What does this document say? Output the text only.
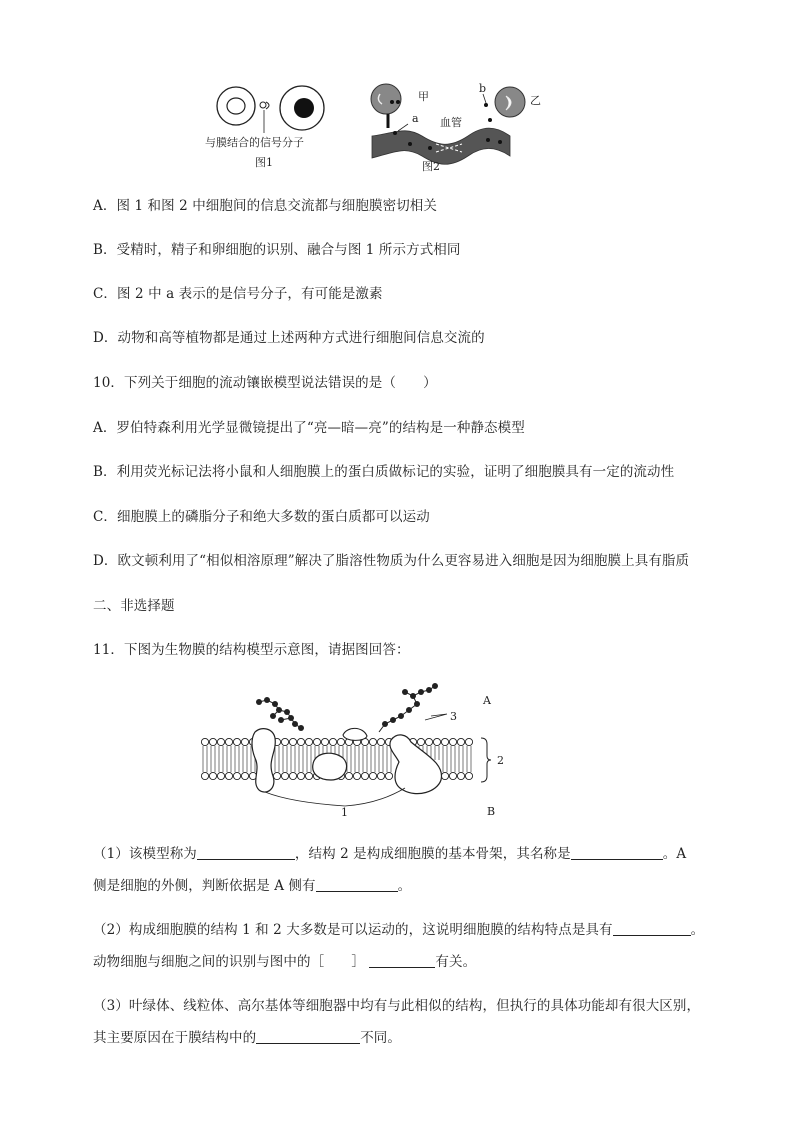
与膜结合的信号分子
图1
甲	乙
血管
a
b
图2
A．图 1 和图 2 中细胞间的信息交流都与细胞膜密切相关
B．受精时，精子和卵细胞的识别、融合与图 1 所示方式相同
C．图 2 中 a 表示的是信号分子，有可能是激素
D．动物和高等植物都是通过上述两种方式进行细胞间信息交流的
10．下列关于细胞的流动镶嵌模型说法错误的是（　　）
A．罗伯特森利用光学显微镜提出了“亮—暗—亮”的结构是一种静态模型
B．利用荧光标记法将小鼠和人细胞膜上的蛋白质做标记的实验，证明了细胞膜具有一定的流动性
C．细胞膜上的磷脂分子和绝大多数的蛋白质都可以运动
D．欧文顿利用了“相似相溶原理”解决了脂溶性物质为什么更容易进入细胞是因为细胞膜上具有脂质
二、非选择题
11．下图为生物膜的结构模型示意图，请据图回答：
A
B
1
2
3
（1）该模型称为	，结构 2 是构成细胞膜的基本骨架，其名称是	。A
侧是细胞的外侧，判断依据是 A 侧有	。
（2）构成细胞膜的结构 1 和 2 大多数是可以运动的，这说明细胞膜的结构特点是具有	。
动物细胞与细胞之间的识别与图中的［　　］	有关。
（3）叶绿体、线粒体、高尔基体等细胞器中均有与此相似的结构，但执行的具体功能却有很大区别，
其主要原因在于膜结构中的	不同。
